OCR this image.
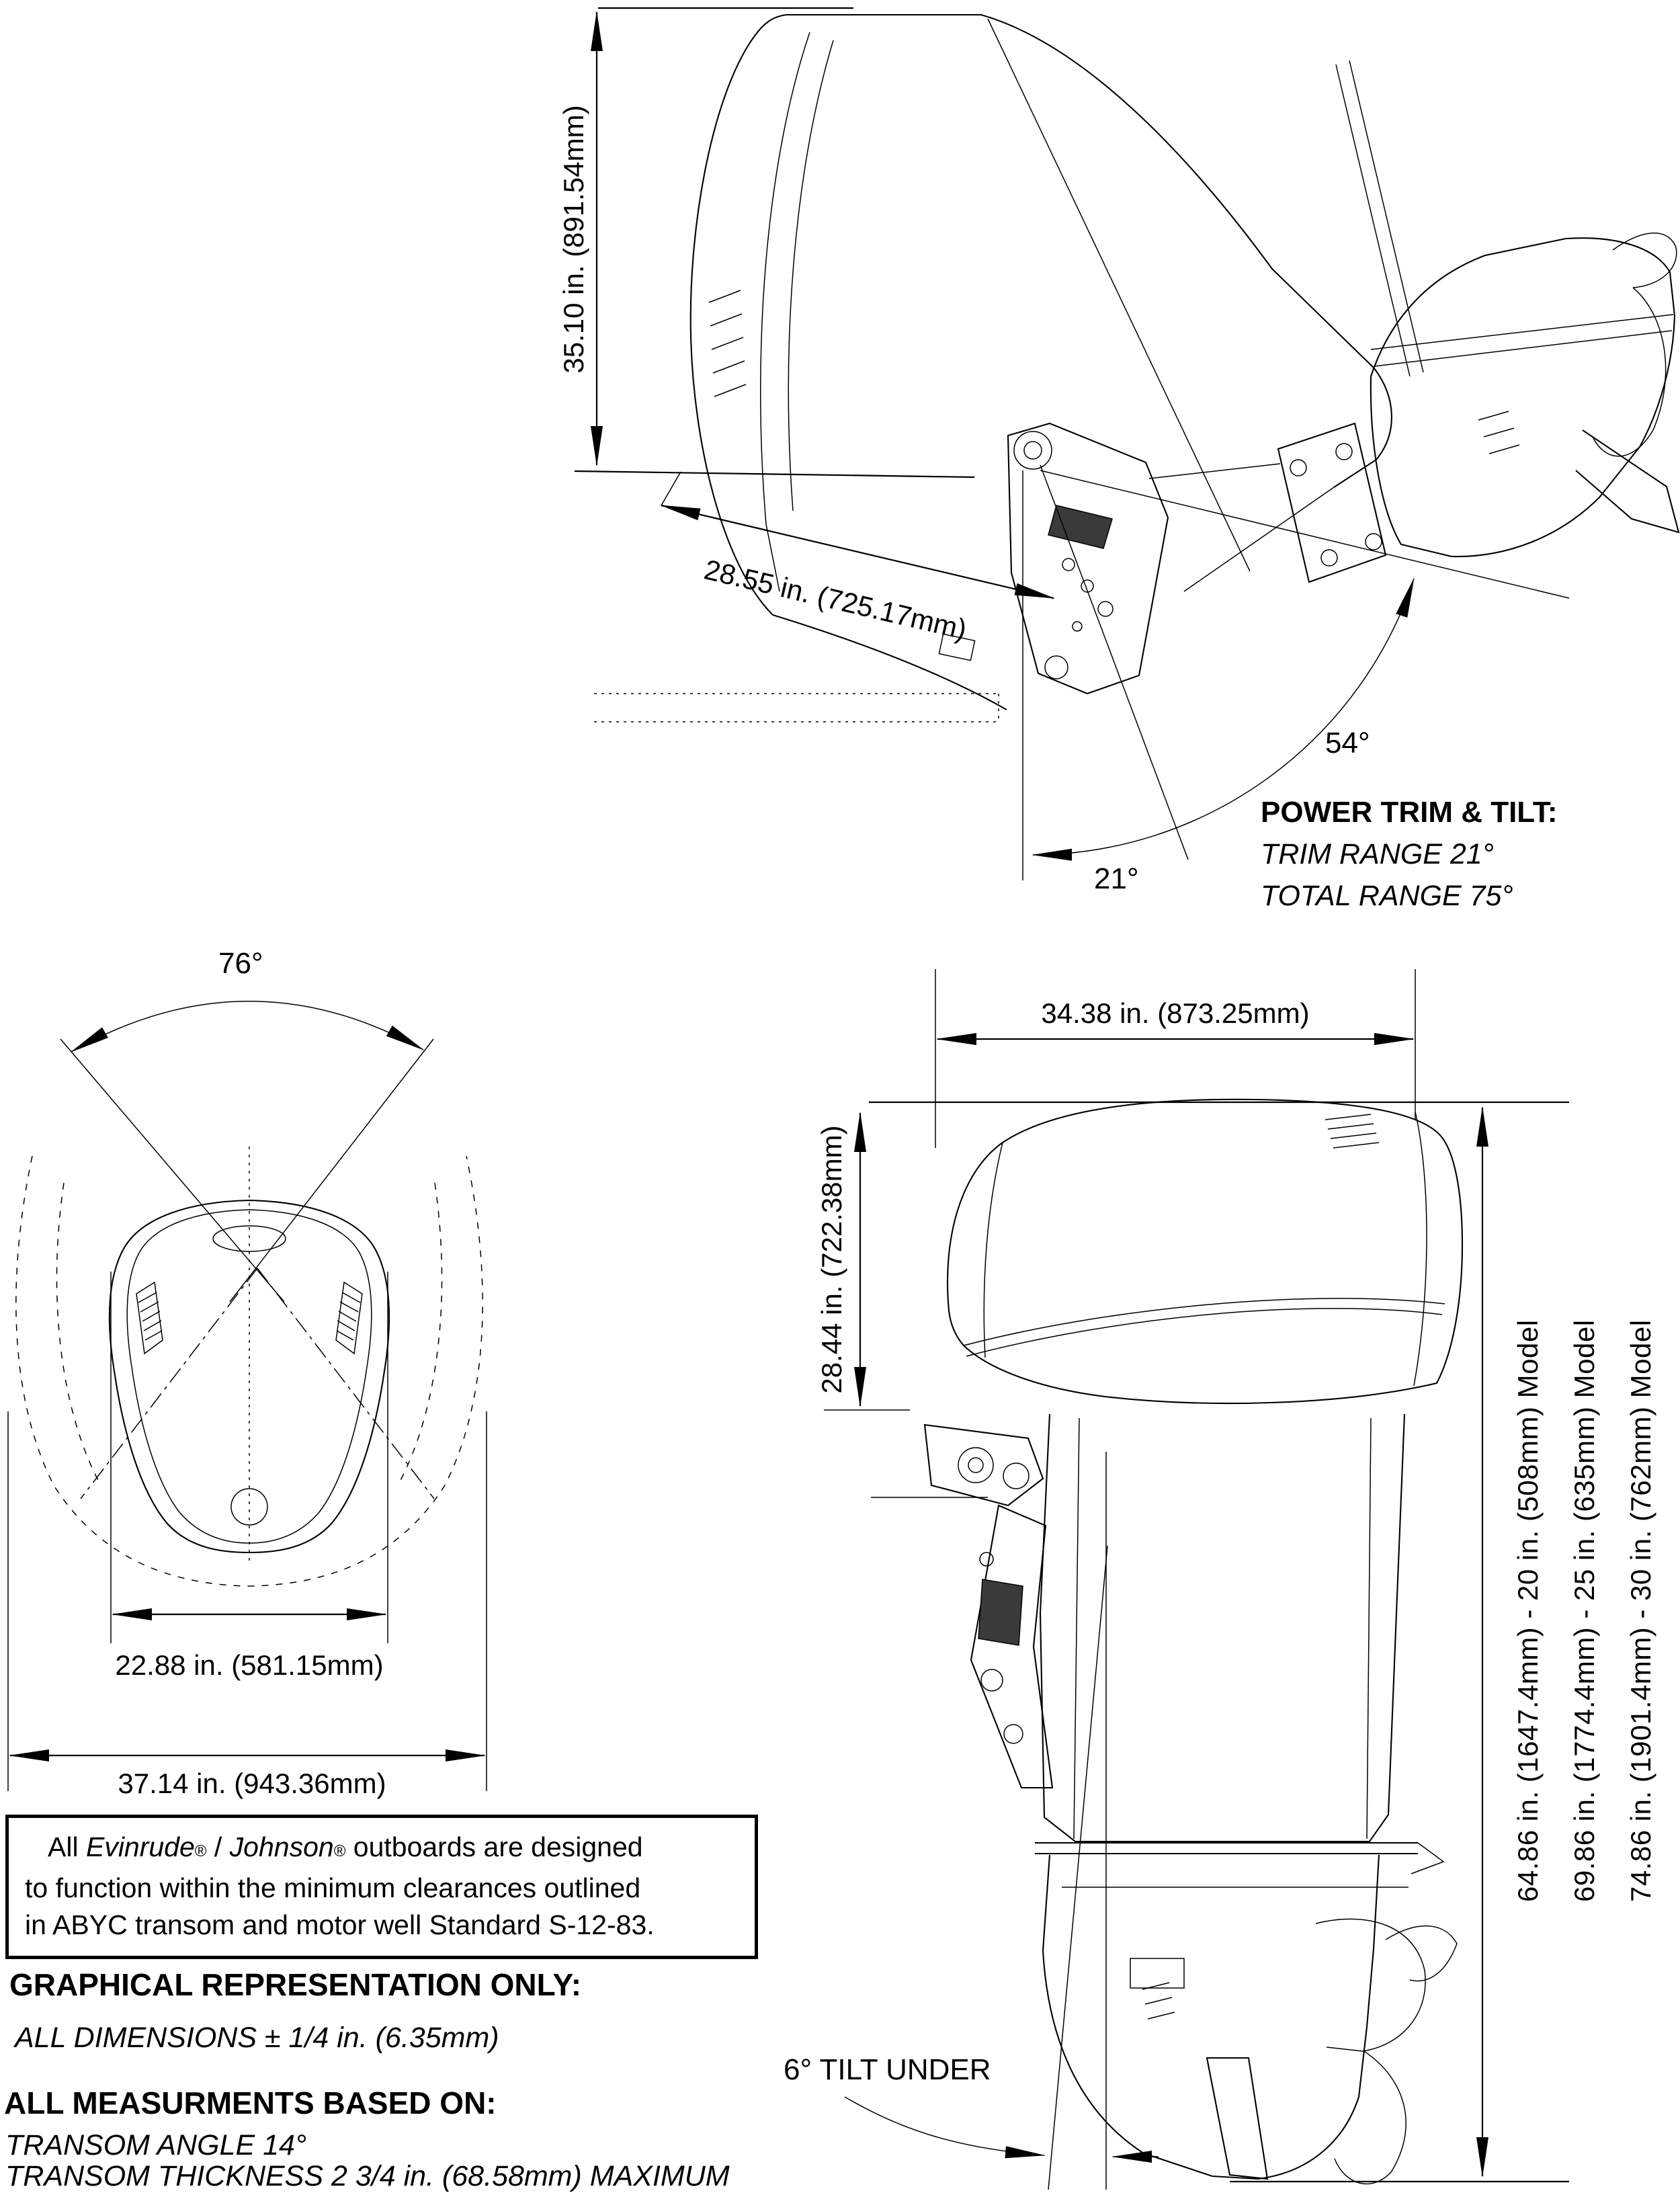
35.10 in. (891.54mm)
28.55 in. (725.17mm)
54°
21°
76°
22.88 in. (581.15mm)
37.14 in. (943.36mm)
34.38 in. (873.25mm)
28.44 in. (722.38mm)
64.86 in. (1647.4mm) - 20 in. (508mm) Model 69.86 in. (1774.4mm) - 25 in. (635mm) Model 74.86 in. (1901.4mm) - 30 in. (762mm) Model
6° TILT UNDER
POWER TRIM & TILT:
TRIM RANGE 21°
TOTAL RANGE 75°
All Evinrude® / Johnson® outboards are designed
to function within the minimum clearances outlined
in ABYC transom and motor well Standard S-12-83.
GRAPHICAL REPRESENTATION ONLY:
ALL DIMENSIONS ± 1/4 in. (6.35mm)
ALL MEASURMENTS BASED ON:
TRANSOM ANGLE 14°
TRANSOM THICKNESS 2 3/4 in. (68.58mm) MAXIMUM
